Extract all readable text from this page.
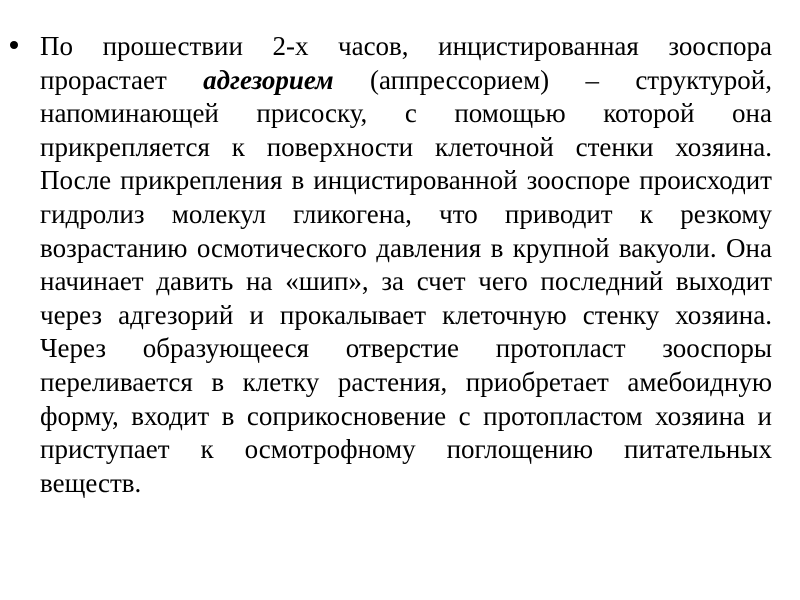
По прошествии 2-х часов, инцистированная зооспора прорастает адгезорием (аппрессорием) – структурой, напоминающей присоску, с помощью которой она прикрепляется к поверхности клеточной стенки хозяина. После прикрепления в инцистированной зооспоре происходит гидролиз молекул гликогена, что приводит к резкому возрастанию осмотического давления в крупной вакуоли. Она начинает давить на «шип», за счет чего последний выходит через адгезорий и прокалывает клеточную стенку хозяина. Через образующееся отверстие протопласт зооспоры переливается в клетку растения, приобретает амебоидную форму, входит в соприкосновение с протопластом хозяина и приступает к осмотрофному поглощению питательных веществ.
